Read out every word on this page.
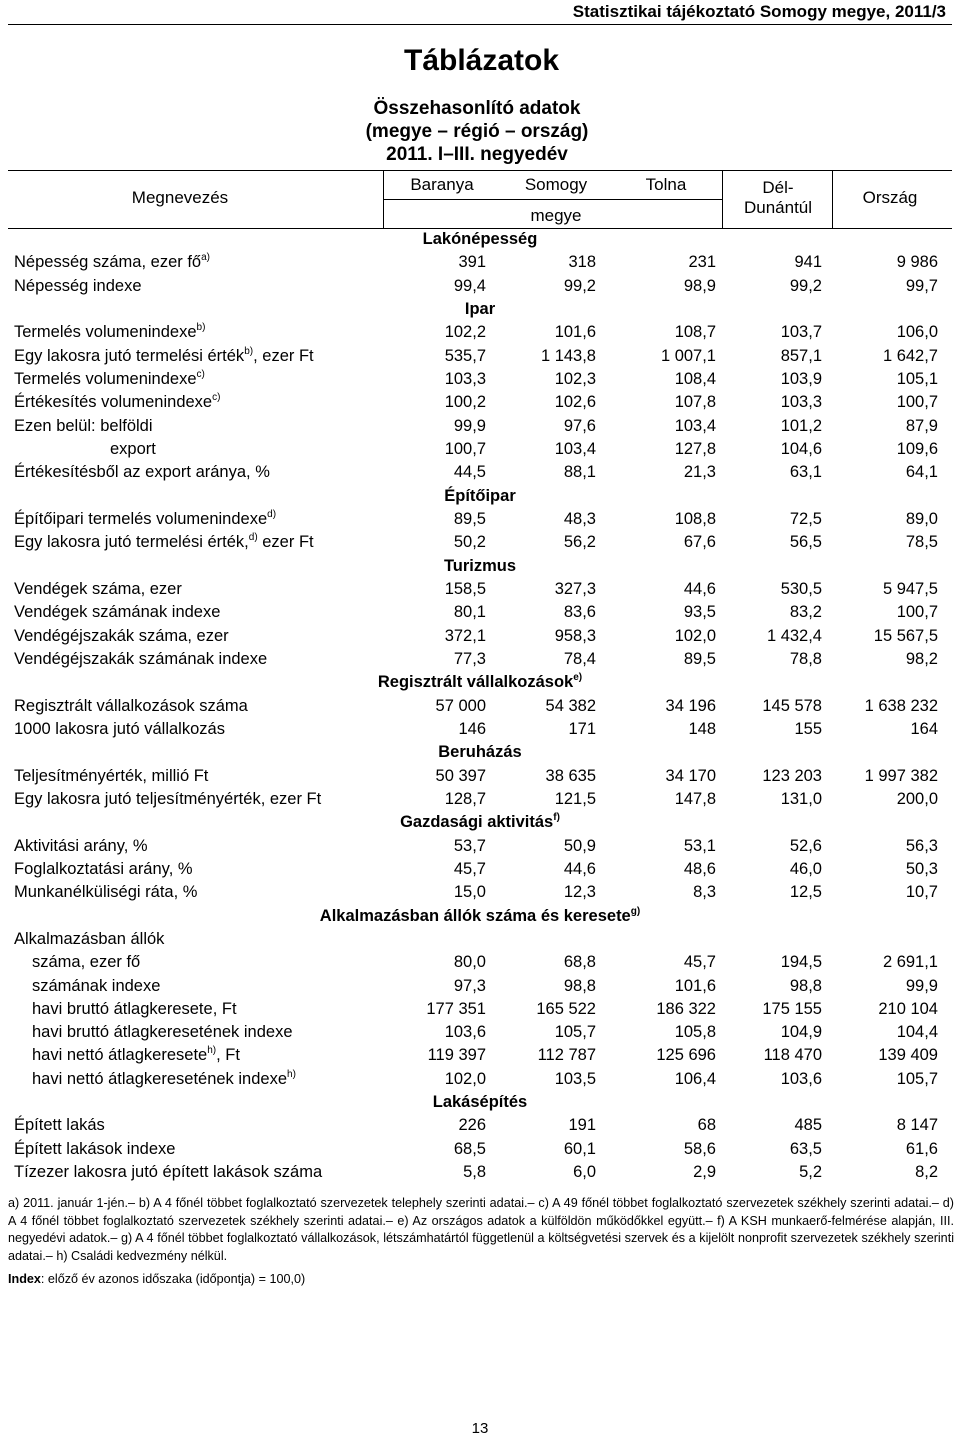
Statisztikai tájékoztató Somogy megye, 2011/3
Táblázatok
Összehasonlító adatok
(megye – régió – ország)
2011. I–III. negyedév
Megnevezés
Baranya	Somogy	Tolna
megye
Dél-
Dunántúl
Ország
Lakónépesség
Népesség száma, ezer $fő^{a)}$	391	318	231	941	9 986
Népesség indexe	99,4	99,2	98,9	99,2	99,7
Ipar
Termelés volumenindexe$^{b)}$	102,2	101,6	108,7	103,7	106,0
Egy lakosra jutó termelési érték$^{b)}$, ezer Ft	535,7	1 143,8	1 007,1	857,1	1 642,7
Termelés volumenindexe$^{c)}$	103,3	102,3	108,4	103,9	105,1
Értékesítés volumenindexe$^{c)}$	100,2	102,6	107,8	103,3	100,7
Ezen belül: belföldi	99,9	97,6	103,4	101,2	87,9
export	100,7	103,4	127,8	104,6	109,6
Értékesítésből az export aránya, %	44,5	88,1	21,3	63,1	64,1
Építőipar
Építőipari termelés volumenindexe$^{d)}$	89,5	48,3	108,8	72,5	89,0
Egy lakosra jutó termelési érték,$^{d)}$ ezer Ft	50,2	56,2	67,6	56,5	78,5
Turizmus
Vendégek száma, ezer	158,5	327,3	44,6	530,5	5 947,5
Vendégek számának indexe	80,1	83,6	93,5	83,2	100,7
Vendégéjszakák száma, ezer	372,1	958,3	102,0	1 432,4	15 567,5
Vendégéjszakák számának indexe	77,3	78,4	89,5	78,8	98,2
Regisztrált vállalkozások$^{e)}$
Regisztrált vállalkozások száma	57 000	54 382	34 196	145 578	1 638 232
1000 lakosra jutó vállalkozás	146	171	148	155	164
Beruházás
Teljesítményérték, millió Ft	50 397	38 635	34 170	123 203	1 997 382
Egy lakosra jutó teljesítményérték, ezer Ft	128,7	121,5	147,8	131,0	200,0
Gazdasági aktivitás$^{f)}$
Aktivitási arány, %	53,7	50,9	53,1	52,6	56,3
Foglalkoztatási arány, %	45,7	44,6	48,6	46,0	50,3
Munkanélküliségi ráta, %	15,0	12,3	8,3	12,5	10,7
Alkalmazásban állók száma és keresete$^{g)}$
Alkalmazásban állók
száma, ezer fő	80,0	68,8	45,7	194,5	2 691,1
számának indexe	97,3	98,8	101,6	98,8	99,9
havi bruttó átlagkeresete, Ft	177 351	165 522	186 322	175 155	210 104
havi bruttó átlagkeresetének indexe	103,6	105,7	105,8	104,9	104,4
havi nettó átlagkeresete$^{h)}$, Ft	119 397	112 787	125 696	118 470	139 409
havi nettó átlagkeresetének indexe$^{h)}$	102,0	103,5	106,4	103,6	105,7
Lakásépítés
Épített lakás	226	191	68	485	8 147
Épített lakások indexe	68,5	60,1	58,6	63,5	61,6
Tízezer lakosra jutó épített lakások száma	5,8	6,0	2,9	5,2	8,2
a) 2011. január 1-jén.– b) A 4 főnél többet foglalkoztató szervezetek telephely szerinti adatai.– c) A 49 főnél többet foglalkoztató szervezetek székhely szerinti adatai.– d) A 4 főnél többet foglalkoztató szervezetek székhely szerinti adatai.– e) Az országos adatok a külföldön működőkkel együtt.– f) A KSH munkaerő-felmérése alapján, III. negyedévi adatok.– g) A 4 főnél többet foglalkoztató vállalkozások, létszámhatártól függetlenül a költségvetési szervek és a kijelölt nonprofit szervezetek székhely szerinti adatai.– h) Családi kedvezmény nélkül.
Index: előző év azonos időszaka (időpontja) = 100,0)
13
